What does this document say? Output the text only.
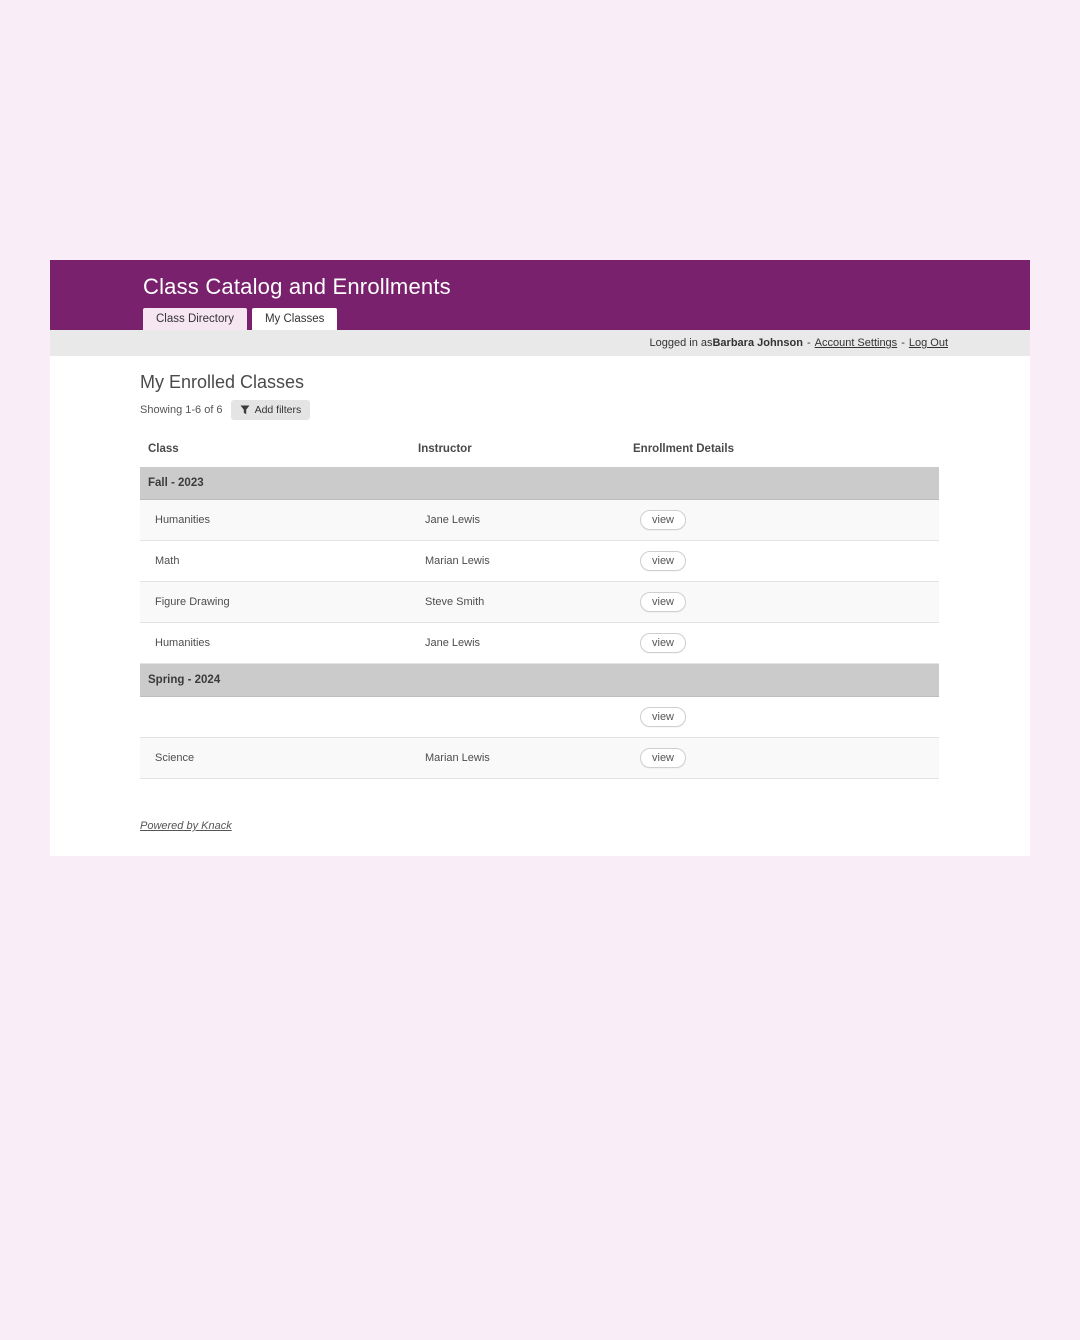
Class Catalog and Enrollments
Class Directory	My Classes
Logged in as Barbara Johnson - Account Settings - Log Out
My Enrolled Classes
Showing 1-6 of 6	Add filters
Class	Instructor	Enrollment Details
Fall - 2023		
Humanities	Jane Lewis	view
Math	Marian Lewis	view
Figure Drawing	Steve Smith	view
Humanities	Jane Lewis	view
Spring - 2024		
		view
Science	Marian Lewis	view
Powered by Knack
